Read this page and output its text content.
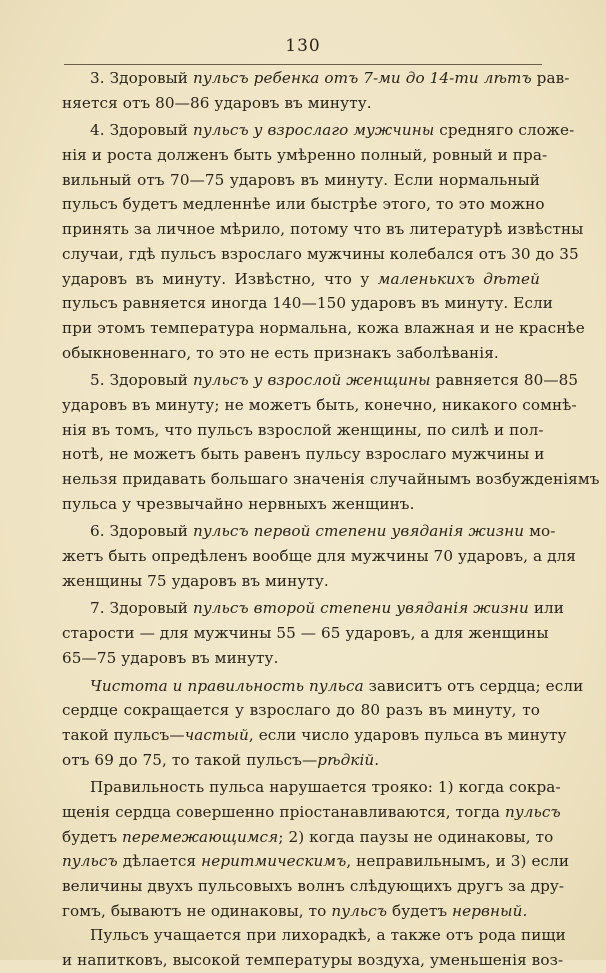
130
3. Здоровый пульсъ ребенка отъ 7-ми до 14-ти лѣтъ рав-
няется отъ 80—86 ударовъ въ минуту.
4. Здоровый пульсъ у взрослаго мужчины средняго сложе-
нія и роста долженъ быть умѣренно полный, ровный и пра-
вильный отъ 70—75 ударовъ въ минуту. Если нормальный
пульсъ будетъ медленнѣе или быстрѣе этого, то это можно
принять за личное мѣрило, потому что въ литературѣ извѣстны
случаи, гдѣ пульсъ взрослаго мужчины колебался отъ 30 до 35
ударовъ въ минуту. Извѣстно, что у маленькихъ дѣтей
пульсъ равняется иногда 140—150 ударовъ въ минуту. Если
при этомъ температура нормальна, кожа влажная и не краснѣе
обыкновеннаго, то это не есть признакъ заболѣванія.
5. Здоровый пульсъ у взрослой женщины равняется 80—85
ударовъ въ минуту; не можетъ быть, конечно, никакого сомнѣ-
нія въ томъ, что пульсъ взрослой женщины, по силѣ и пол-
нотѣ, не можетъ быть равенъ пульсу взрослаго мужчины и
нельзя придавать большаго значенія случайнымъ возбужденіямъ
пульса у чрезвычайно нервныхъ женщинъ.
6. Здоровый пульсъ первой степени увяданія жизни мо-
жетъ быть опредѣленъ вообще для мужчины 70 ударовъ, а для
женщины 75 ударовъ въ минуту.
7. Здоровый пульсъ второй степени увяданія жизни или
старости — для мужчины 55 — 65 ударовъ, а для женщины
65—75 ударовъ въ минуту.
Чистота и правильность пульса зависитъ отъ сердца; если
сердце сокращается у взрослаго до 80 разъ въ минуту, то
такой пульсъ—частый, если число ударовъ пульса въ минуту
отъ 69 до 75, то такой пульсъ—рѣдкій.
Правильность пульса нарушается трояко: 1) когда сокра-
щенія сердца совершенно пріостанавливаются, тогда пульсъ
будетъ перемежающимся; 2) когда паузы не одинаковы, то
пульсъ дѣлается неритмическимъ, неправильнымъ, и 3) если
величины двухъ пульсовыхъ волнъ слѣдующихъ другъ за дру-
гомъ, бываютъ не одинаковы, то пульсъ будетъ нервный.
Пульсъ учащается при лихорадкѣ, а также отъ рода пищи
и напитковъ, высокой температуры воздуха, уменьшенія воз-
